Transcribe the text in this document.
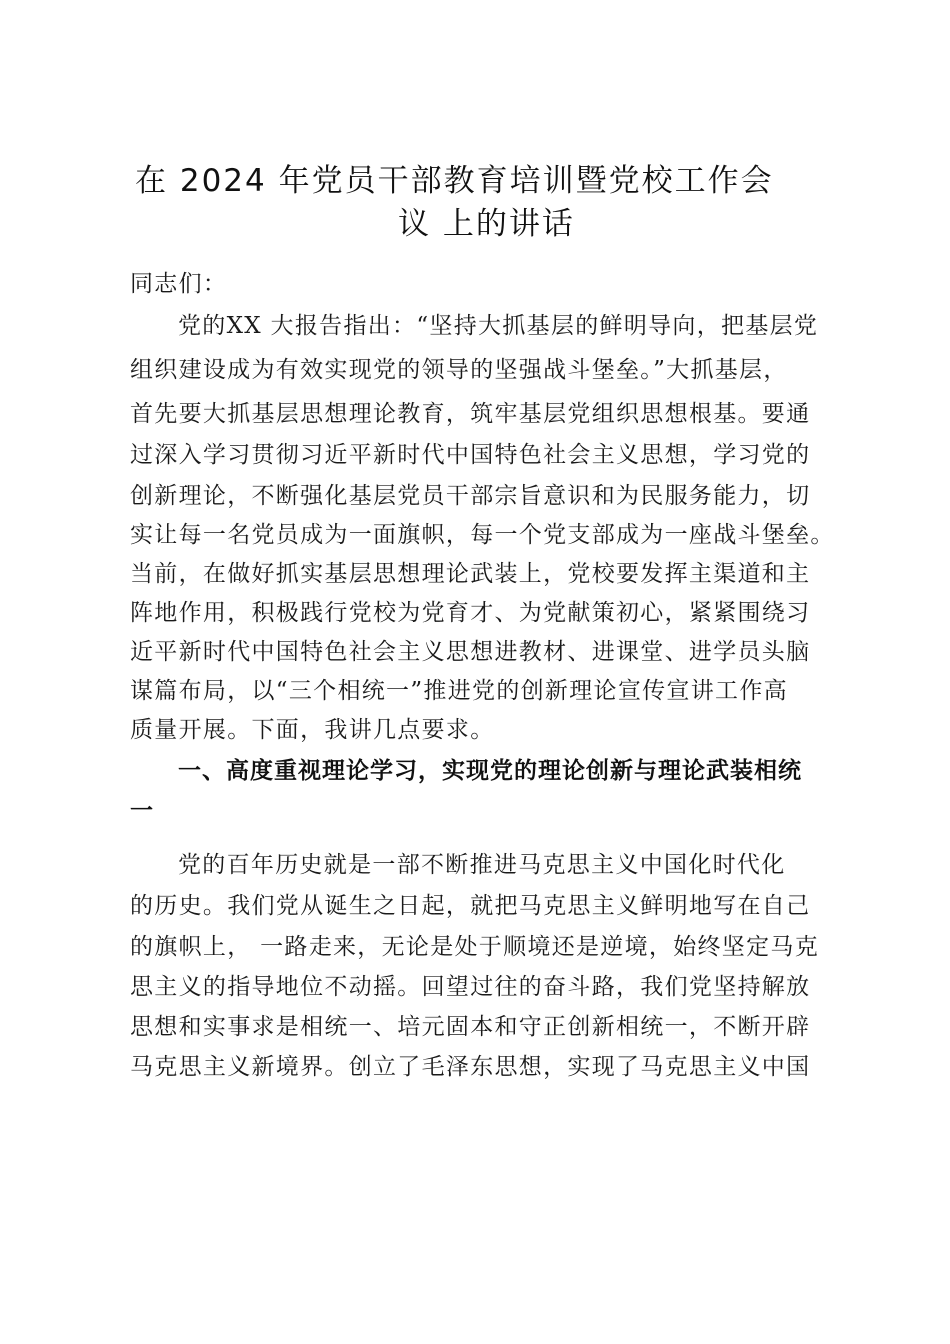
在 2024 年党员干部教育培训暨党校工作会
议 上的讲话
同志们：
党的XX 大报告指出：“坚持大抓基层的鲜明导向，把基层党
组织建设成为有效实现党的领导的坚强战斗堡垒。”大抓基层，
首先要大抓基层思想理论教育，筑牢基层党组织思想根基。要通
过深入学习贯彻习近平新时代中国特色社会主义思想，学习党的
创新理论，不断强化基层党员干部宗旨意识和为民服务能力，切
实让每一名党员成为一面旗帜，每一个党支部成为一座战斗堡垒。
当前，在做好抓实基层思想理论武装上，党校要发挥主渠道和主
阵地作用，积极践行党校为党育才、为党献策初心，紧紧围绕习
近平新时代中国特色社会主义思想进教材、进课堂、进学员头脑
谋篇布局，以“三个相统一”推进党的创新理论宣传宣讲工作高
质量开展。下面，我讲几点要求。
一、高度重视理论学习，实现党的理论创新与理论武装相统
一
党的百年历史就是一部不断推进马克思主义中国化时代化
的历史。我们党从诞生之日起，就把马克思主义鲜明地写在自己
的旗帜上， 一路走来，无论是处于顺境还是逆境，始终坚定马克
思主义的指导地位不动摇。回望过往的奋斗路，我们党坚持解放
思想和实事求是相统一、培元固本和守正创新相统一，不断开辟
马克思主义新境界。创立了毛泽东思想，实现了马克思主义中国
